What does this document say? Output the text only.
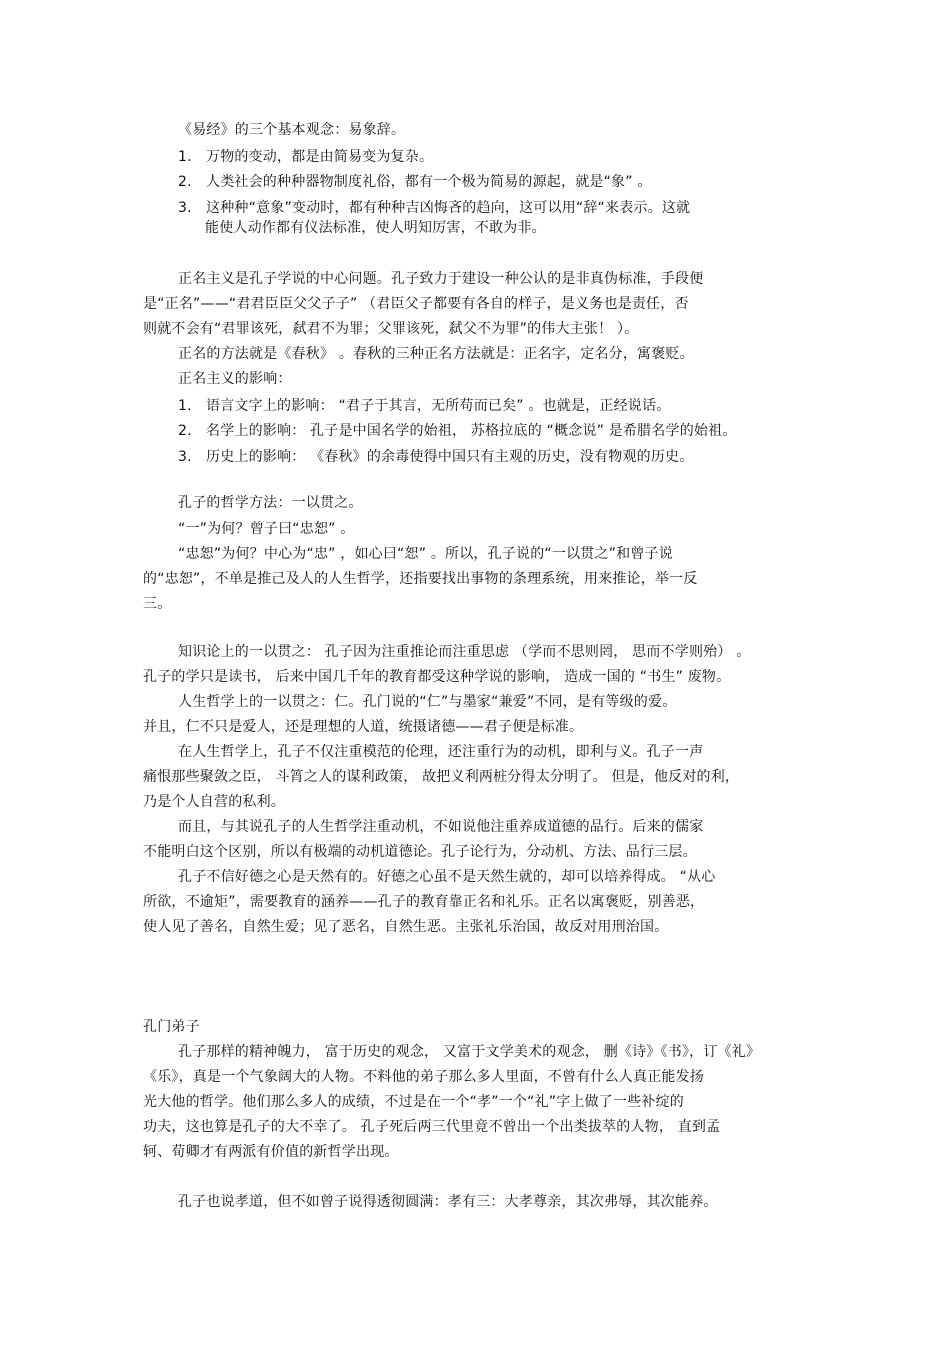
《易经》的三个基本观念：易象辞。
1. 万物的变动，都是由简易变为复杂。
2. 人类社会的种种器物制度礼俗，都有一个极为简易的源起，就是“象” 。
3. 这种种“意象”变动时，都有种种吉凶悔吝的趋向，这可以用“辞“来表示。这就
能使人动作都有仪法标准，使人明知厉害，不敢为非。
正名主义是孔子学说的中心问题。孔子致力于建设一种公认的是非真伪标准，手段便
是“正名”——“君君臣臣父父子子” （君臣父子都要有各自的样子，是义务也是责任，否
则就不会有“君罪该死，弑君不为罪；父罪该死，弑父不为罪”的伟大主张！ ）。
正名的方法就是《春秋》 。春秋的三种正名方法就是：正名字，定名分，寓褒贬。
正名主义的影响：
1. 语言文字上的影响： “君子于其言，无所苟而已矣” 。也就是，正经说话。
2. 名学上的影响： 孔子是中国名学的始祖， 苏格拉底的 “概念说” 是希腊名学的始祖。
3. 历史上的影响： 《春秋》的余毒使得中国只有主观的历史，没有物观的历史。
孔子的哲学方法：一以贯之。
“一”为何？曾子曰“忠恕” 。
“忠恕”为何？中心为“忠” ，如心曰“恕” 。所以，孔子说的“一以贯之”和曾子说
的“忠恕”，不单是推己及人的人生哲学，还指要找出事物的条理系统，用来推论，举一反
三。
知识论上的一以贯之： 孔子因为注重推论而注重思虑 （学而不思则罔， 思而不学则殆） 。
孔子的学只是读书， 后来中国几千年的教育都受这种学说的影响， 造成一国的 “书生” 废物。
人生哲学上的一以贯之：仁。孔门说的“仁”与墨家“兼爱”不同，是有等级的爱。
并且，仁不只是爱人，还是理想的人道，统摄诸德——君子便是标准。
在人生哲学上，孔子不仅注重模范的伦理，还注重行为的动机，即利与义。孔子一声
痛恨那些聚敛之臣， 斗筲之人的谋利政策， 故把义利两桩分得太分明了。 但是，他反对的利，
乃是个人自营的私利。
而且，与其说孔子的人生哲学注重动机，不如说他注重养成道德的品行。后来的儒家
不能明白这个区别，所以有极端的动机道德论。孔子论行为，分动机、方法、品行三层。
孔子不信好德之心是天然有的。好德之心虽不是天然生就的，却可以培养得成。 “从心
所欲，不逾矩”，需要教育的涵养——孔子的教育靠正名和礼乐。正名以寓褒贬，别善恶，
使人见了善名，自然生爱；见了恶名，自然生恶。主张礼乐治国，故反对用刑治国。
孔门弟子
孔子那样的精神魄力， 富于历史的观念， 又富于文学美术的观念， 删《诗》《书》，订《礼》
《乐》，真是一个气象阔大的人物。不料他的弟子那么多人里面，不曾有什么人真正能发扬
光大他的哲学。他们那么多人的成绩，不过是在一个“孝”一个“礼”字上做了一些补绽的
功夫，这也算是孔子的大不幸了。 孔子死后两三代里竟不曾出一个出类拔萃的人物， 直到孟
轲、荀卿才有两派有价值的新哲学出现。
孔子也说孝道，但不如曾子说得透彻圆满：孝有三：大孝尊亲，其次弗辱，其次能养。
